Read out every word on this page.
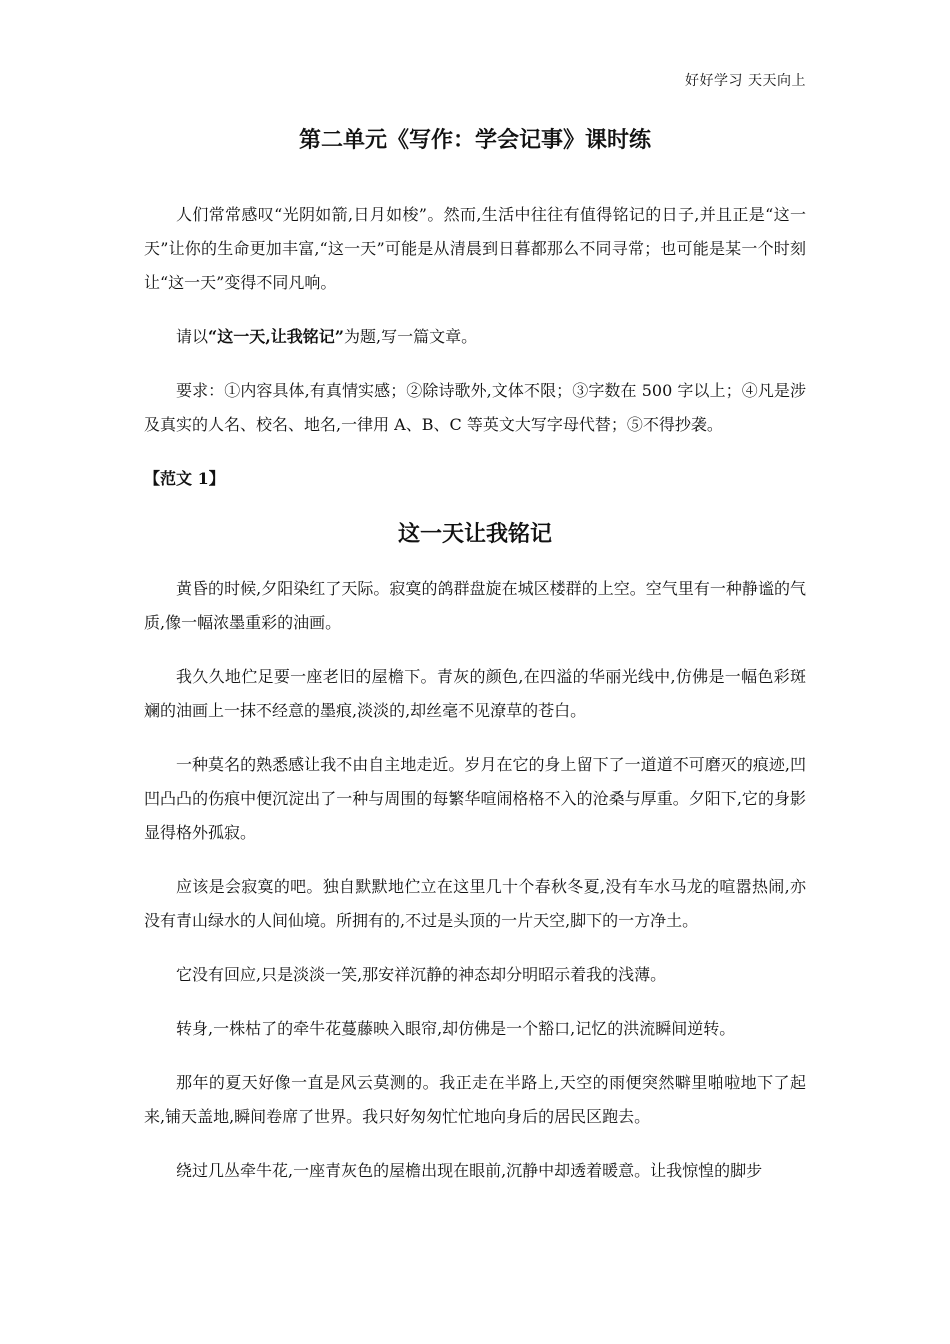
好好学习 天天向上
第二单元《写作：学会记事》课时练

人们常常感叹“光阴如箭,日月如梭”。然而,生活中往往有值得铭记的日子,并且正是“这一天”让你的生命更加丰富,“这一天”可能是从清晨到日暮都那么不同寻常；也可能是某一个时刻让“这一天”变得不同凡响。

请以“这一天,让我铭记”为题,写一篇文章。

要求：①内容具体,有真情实感；②除诗歌外,文体不限；③字数在 500 字以上；④凡是涉及真实的人名、校名、地名,一律用 A、B、C 等英文大写字母代替；⑤不得抄袭。

【范文 1】
这一天让我铭记

黄昏的时候,夕阳染红了天际。寂寞的鸽群盘旋在城区楼群的上空。空气里有一种静谧的气质,像一幅浓墨重彩的油画。

我久久地伫足要一座老旧的屋檐下。青灰的颜色,在四溢的华丽光线中,仿佛是一幅色彩斑斓的油画上一抹不经意的墨痕,淡淡的,却丝毫不见潦草的苍白。

一种莫名的熟悉感让我不由自主地走近。岁月在它的身上留下了一道道不可磨灭的痕迹,凹凹凸凸的伤痕中便沉淀出了一种与周围的每繁华喧闹格格不入的沧桑与厚重。夕阳下,它的身影显得格外孤寂。

应该是会寂寞的吧。独自默默地伫立在这里几十个春秋冬夏,没有车水马龙的喧嚣热闹,亦没有青山绿水的人间仙境。所拥有的,不过是头顶的一片天空,脚下的一方净土。

它没有回应,只是淡淡一笑,那安祥沉静的神态却分明昭示着我的浅薄。

转身,一株枯了的牵牛花蔓藤映入眼帘,却仿佛是一个豁口,记忆的洪流瞬间逆转。

那年的夏天好像一直是风云莫测的。我正走在半路上,天空的雨便突然噼里啪啦地下了起来,铺天盖地,瞬间卷席了世界。我只好匆匆忙忙地向身后的居民区跑去。

绕过几丛牵牛花,一座青灰色的屋檐出现在眼前,沉静中却透着暖意。让我惊惶的脚步
